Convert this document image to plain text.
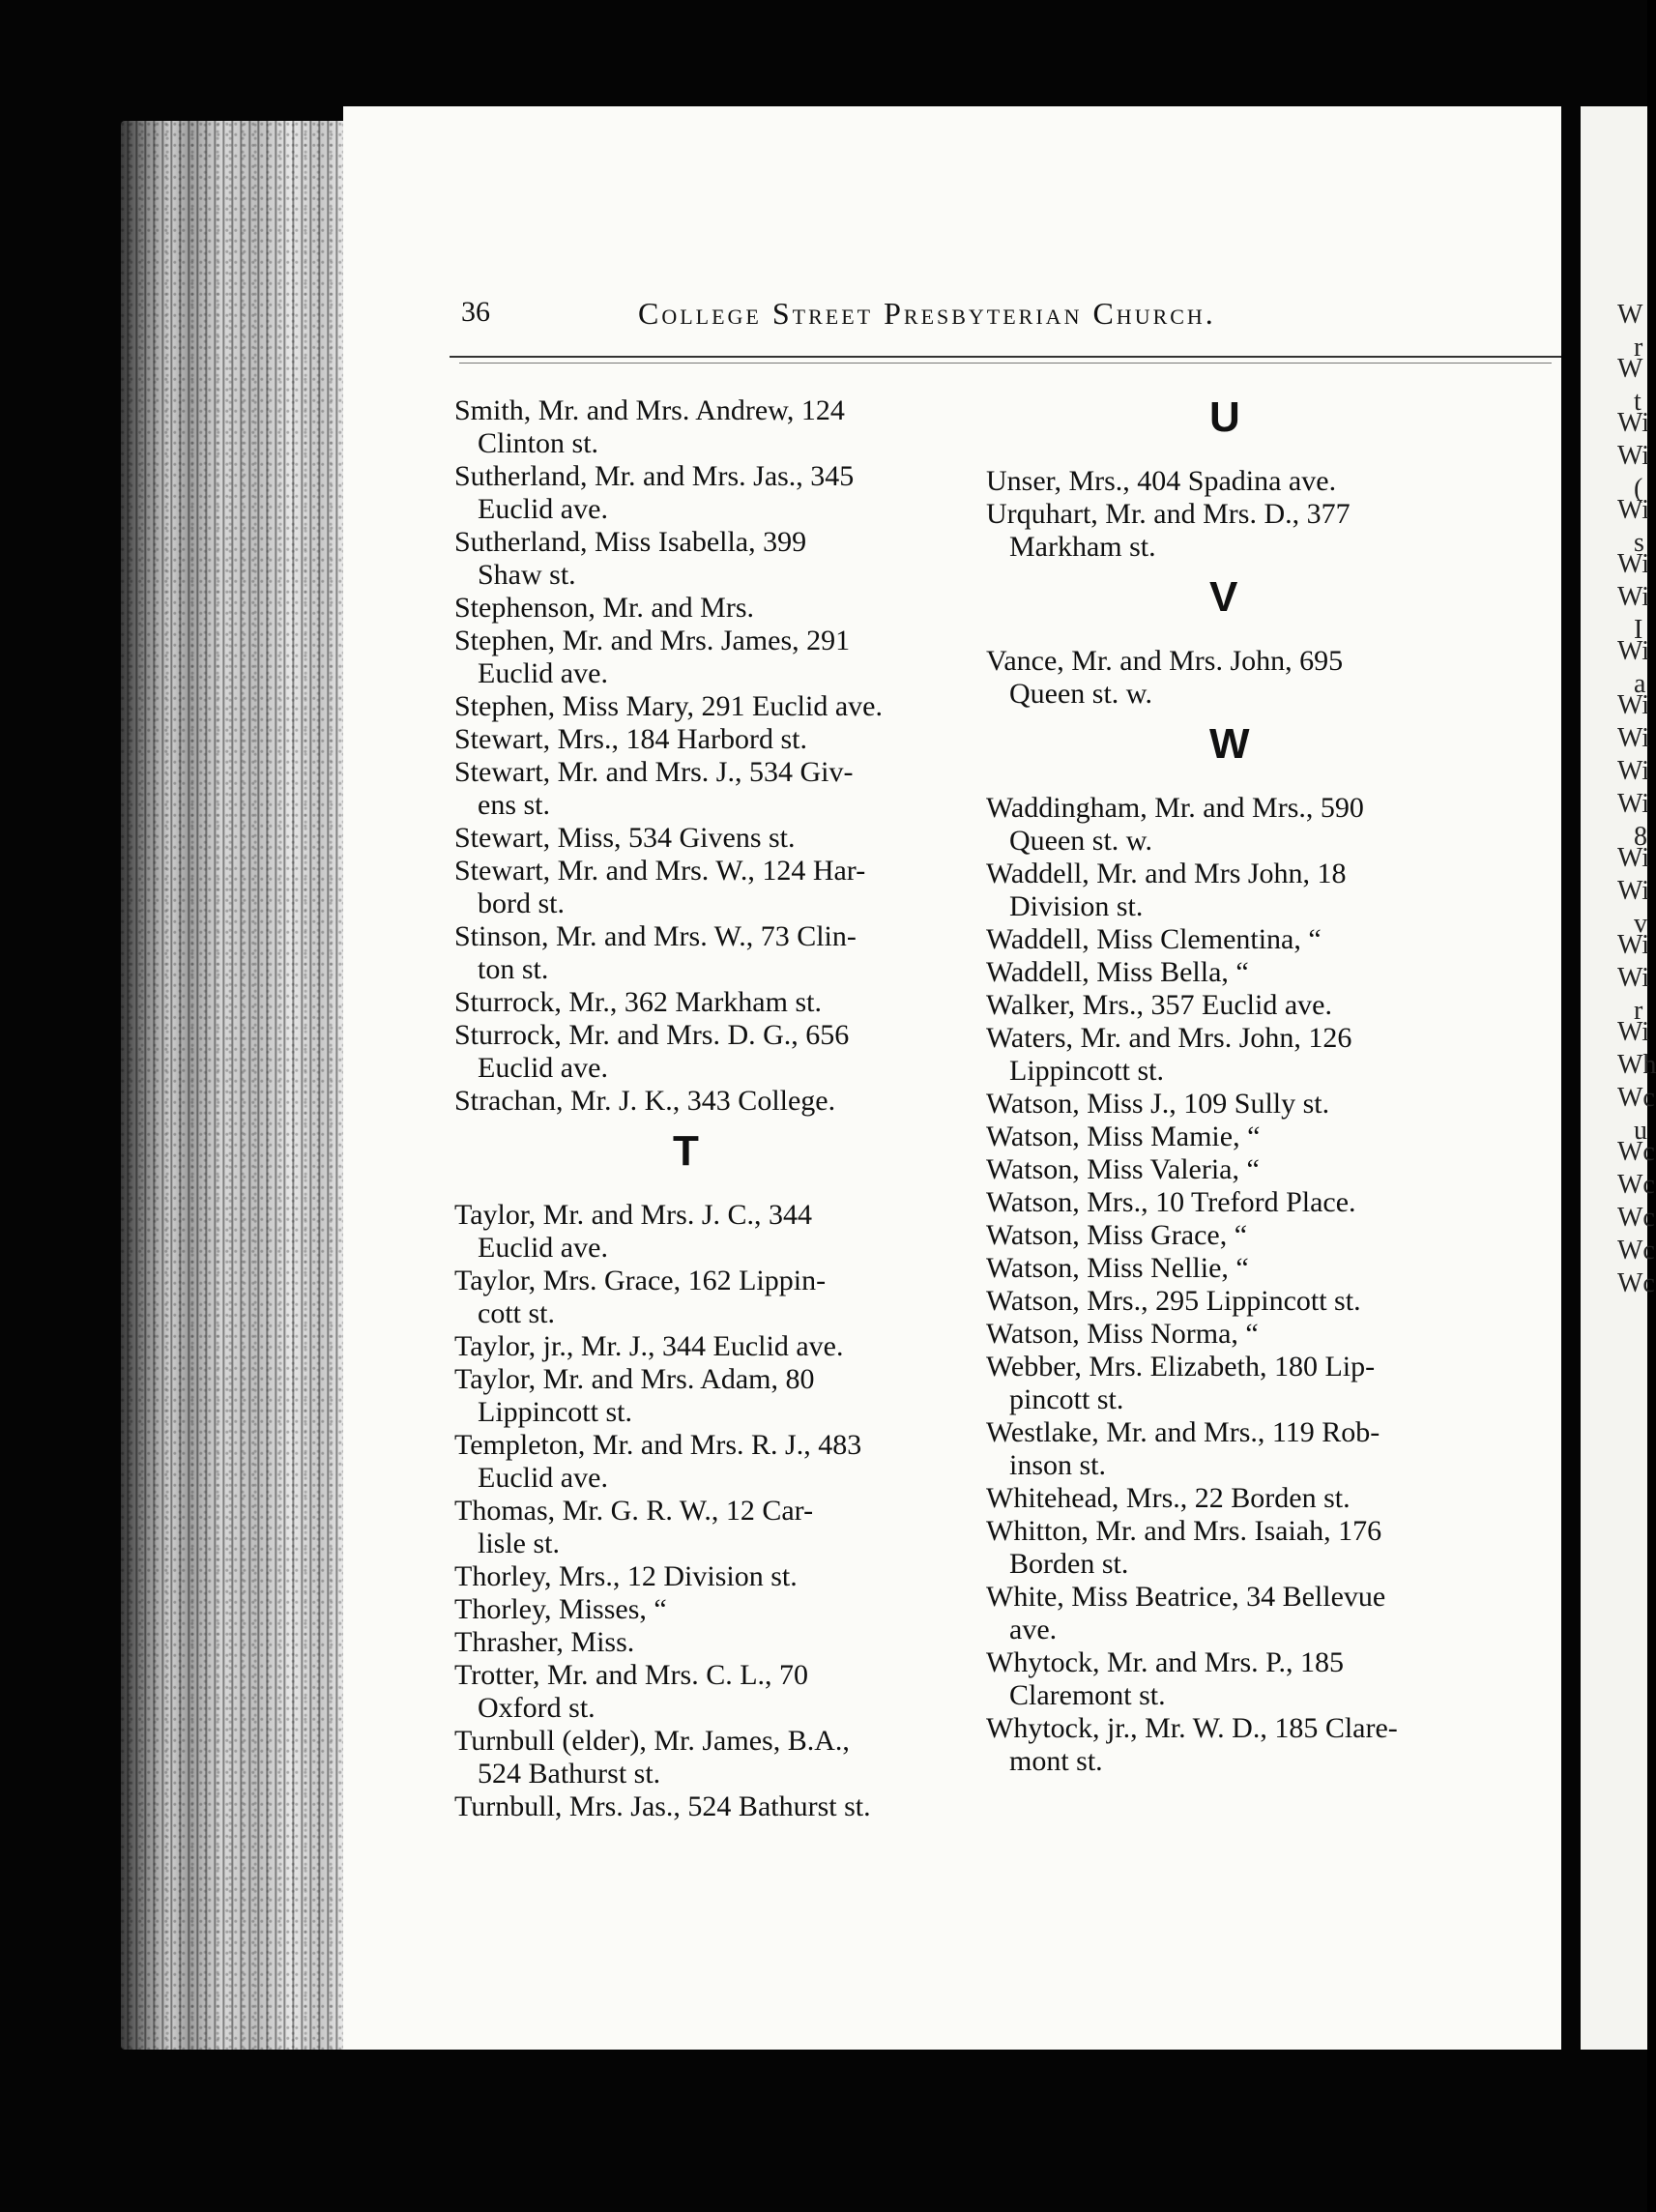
36	College Street Presbyterian Church.
Smith, Mr. and Mrs. Andrew, 124
Clinton st.
Sutherland, Mr. and Mrs. Jas., 345
Euclid ave.
Sutherland, Miss Isabella, 399
Shaw st.
Stephenson, Mr. and Mrs.
Stephen, Mr. and Mrs. James, 291
Euclid ave.
Stephen, Miss Mary, 291 Euclid ave.
Stewart, Mrs., 184 Harbord st.
Stewart, Mr. and Mrs. J., 534 Giv-
ens st.
Stewart, Miss, 534 Givens st.
Stewart, Mr. and Mrs. W., 124 Har-
bord st.
Stinson, Mr. and Mrs. W., 73 Clin-
ton st.
Sturrock, Mr., 362 Markham st.
Sturrock, Mr. and Mrs. D. G., 656
Euclid ave.
Strachan, Mr. J. K., 343 College.
T
Taylor, Mr. and Mrs. J. C., 344
Euclid ave.
Taylor, Mrs. Grace, 162 Lippin-
cott st.
Taylor, jr., Mr. J., 344 Euclid ave.
Taylor, Mr. and Mrs. Adam, 80
Lippincott st.
Templeton, Mr. and Mrs. R. J., 483
Euclid ave.
Thomas, Mr. G. R. W., 12 Car-
lisle st.
Thorley, Mrs., 12 Division st.
Thorley, Misses, “
Thrasher, Miss.
Trotter, Mr. and Mrs. C. L., 70
Oxford st.
Turnbull (elder), Mr. James, B.A.,
524 Bathurst st.
Turnbull, Mrs. Jas., 524 Bathurst st.
U
Unser, Mrs., 404 Spadina ave.
Urquhart, Mr. and Mrs. D., 377
Markham st.
V
Vance, Mr. and Mrs. John, 695
Queen st. w.
W
Waddingham, Mr. and Mrs., 590
Queen st. w.
Waddell, Mr. and Mrs John, 18
Division st.
Waddell, Miss Clementina, “
Waddell, Miss Bella, “
Walker, Mrs., 357 Euclid ave.
Waters, Mr. and Mrs. John, 126
Lippincott st.
Watson, Miss J., 109 Sully st.
Watson, Miss Mamie, “
Watson, Miss Valeria, “
Watson, Mrs., 10 Treford Place.
Watson, Miss Grace, “
Watson, Miss Nellie, “
Watson, Mrs., 295 Lippincott st.
Watson, Miss Norma, “
Webber, Mrs. Elizabeth, 180 Lip-
pincott st.
Westlake, Mr. and Mrs., 119 Rob-
inson st.
Whitehead, Mrs., 22 Borden st.
Whitton, Mr. and Mrs. Isaiah, 176
Borden st.
White, Miss Beatrice, 34 Bellevue
ave.
Whytock, Mr. and Mrs. P., 185
Claremont st.
Whytock, jr., Mr. W. D., 185 Clare-
mont st.
W
r
W
t
Wi
Wi
(
Wi
s
Wi
Wi
I
Wi
a
Wi
Wi
Wi
Wi
8
Wi
Wi
v
Wi
Wi
r
Wi
Wh
Wc
u
Wc
Wc
Wc
Wc
Wc
